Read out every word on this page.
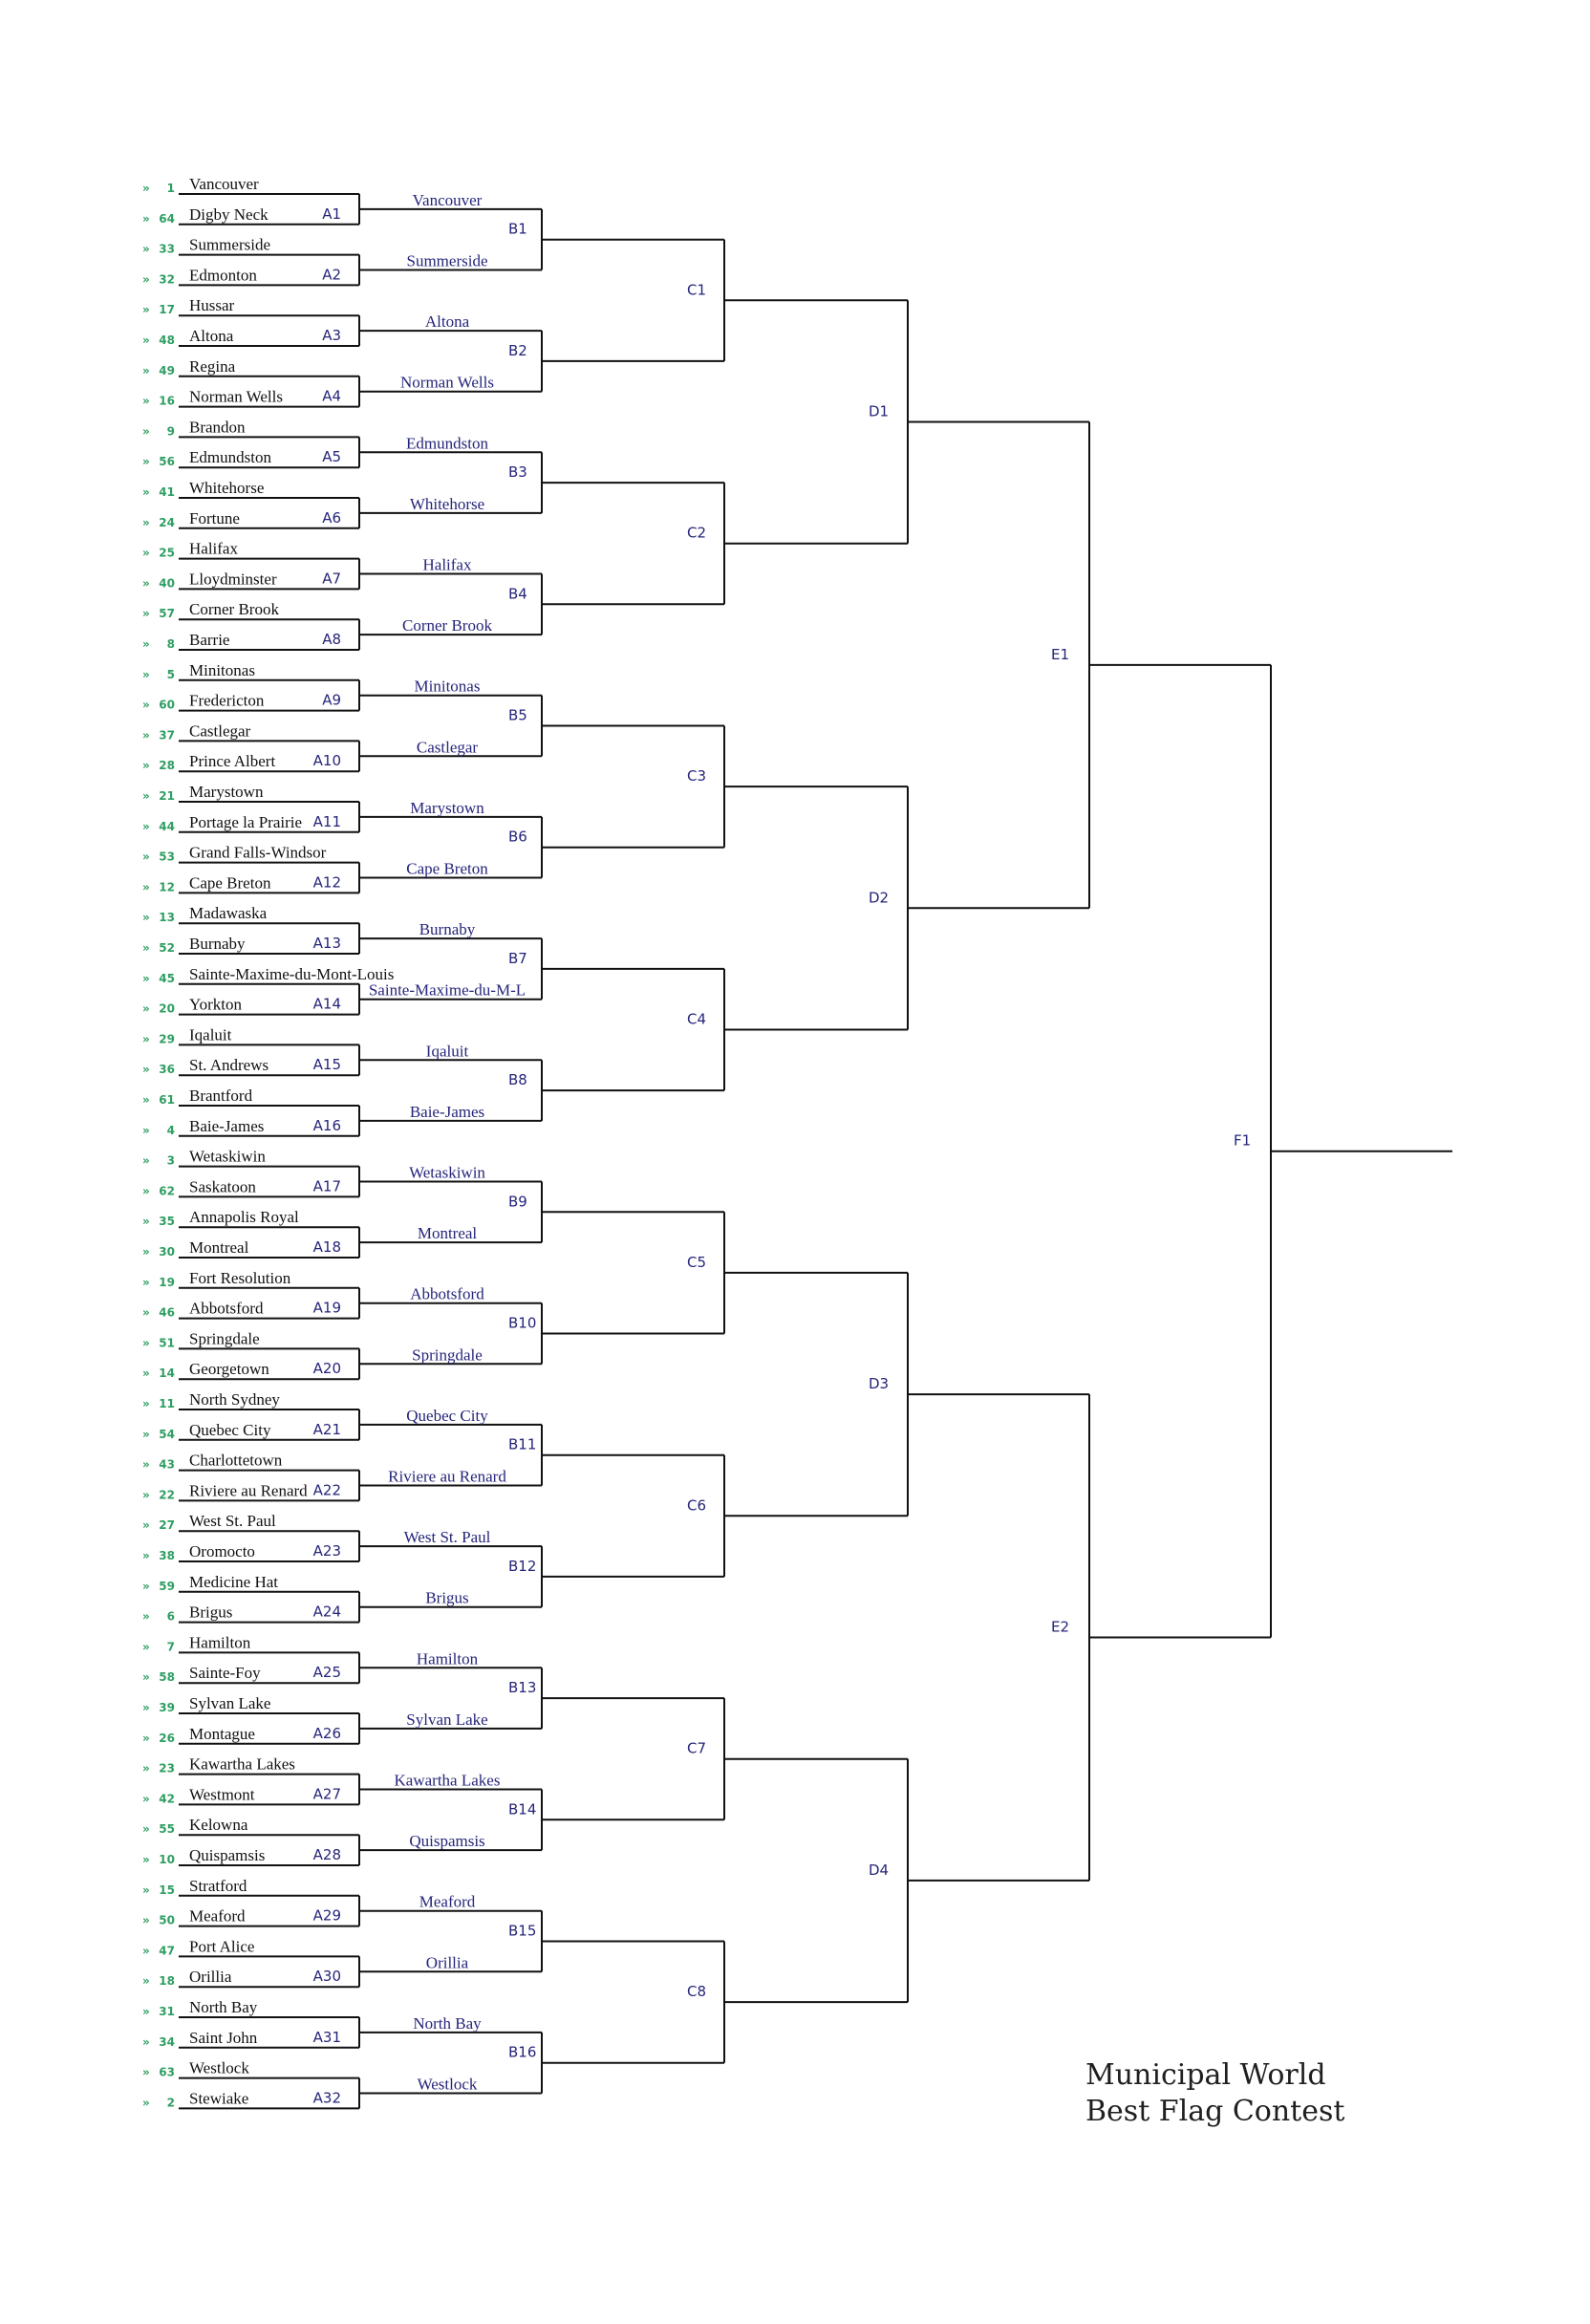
» 1 Vancouver
» 64 Digby Neck
» 33 Summerside
» 32 Edmonton
» 17 Hussar
» 48 Altona
» 49 Regina
» 16 Norman Wells
» 9 Brandon
» 56 Edmundston
» 41 Whitehorse
» 24 Fortune
» 25 Halifax
» 40 Lloydminster
» 57 Corner Brook
» 8 Barrie
» 5 Minitonas
» 60 Fredericton
» 37 Castlegar
» 28 Prince Albert
» 21 Marystown
» 44 Portage la Prairie
» 53 Grand Falls-Windsor
» 12 Cape Breton
» 13 Madawaska
» 52 Burnaby
» 45 Sainte-Maxime-du-Mont-Louis
» 20 Yorkton
» 29 Iqaluit
» 36 St. Andrews
» 61 Brantford
» 4 Baie-James
» 3 Wetaskiwin
» 62 Saskatoon
» 35 Annapolis Royal
» 30 Montreal
» 19 Fort Resolution
» 46 Abbotsford
» 51 Springdale
» 14 Georgetown
» 11 North Sydney
» 54 Quebec City
» 43 Charlottetown
» 22 Riviere au Renard
» 27 West St. Paul
» 38 Oromocto
» 59 Medicine Hat
» 6 Brigus
» 7 Hamilton
» 58 Sainte-Foy
» 39 Sylvan Lake
» 26 Montague
» 23 Kawartha Lakes
» 42 Westmont
» 55 Kelowna
» 10 Quispamsis
» 15 Stratford
» 50 Meaford
» 47 Port Alice
» 18 Orillia
» 31 North Bay
» 34 Saint John
» 63 Westlock
» 2 Stewiake
A1
A2
A3
A4
A5
A6
A7
A8
A9
A10
A11
A12
A13
A14
A15
A16
A17
A18
A19
A20
A21
A22
A23
A24
A25
A26
A27
A28
A29
A30
A31
A32
B1
Vancouver
Summerside
B2
Altona
Norman Wells
B3
Edmundston
Whitehorse
B4
Halifax
Corner Brook
B5
Minitonas
Castlegar
B6
Marystown
Cape Breton
B7
Burnaby
Sainte-Maxime-du-M-L
B8
Iqaluit
Baie-James
B9
Wetaskiwin
Montreal
B10
Abbotsford
Springdale
B11
Quebec City
Riviere au Renard
B12
West St. Paul
Brigus
B13
Hamilton
Sylvan Lake
B14
Kawartha Lakes
Quispamsis
B15
Meaford
Orillia
B16
North Bay
Westlock
C1
C2
C3
C4
C5
C6
C7
C8
D1
D2
D3
D4
E1
E2
F1
Municipal World
Best Flag Contest
